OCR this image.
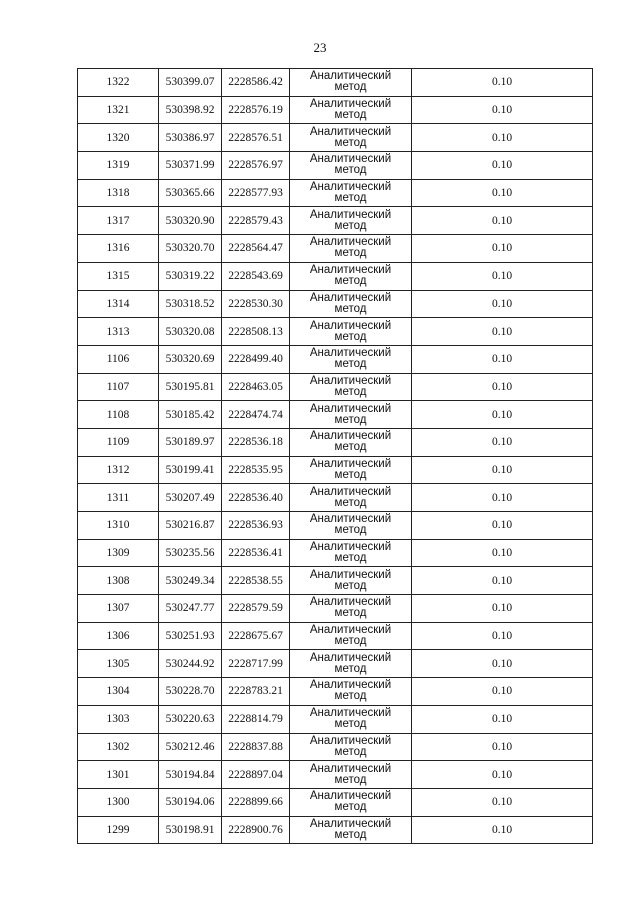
23
1322	530399.07	2228586.42	Аналитический
метод	0.10
1321	530398.92	2228576.19	Аналитический
метод	0.10
1320	530386.97	2228576.51	Аналитический
метод	0.10
1319	530371.99	2228576.97	Аналитический
метод	0.10
1318	530365.66	2228577.93	Аналитический
метод	0.10
1317	530320.90	2228579.43	Аналитический
метод	0.10
1316	530320.70	2228564.47	Аналитический
метод	0.10
1315	530319.22	2228543.69	Аналитический
метод	0.10
1314	530318.52	2228530.30	Аналитический
метод	0.10
1313	530320.08	2228508.13	Аналитический
метод	0.10
1106	530320.69	2228499.40	Аналитический
метод	0.10
1107	530195.81	2228463.05	Аналитический
метод	0.10
1108	530185.42	2228474.74	Аналитический
метод	0.10
1109	530189.97	2228536.18	Аналитический
метод	0.10
1312	530199.41	2228535.95	Аналитический
метод	0.10
1311	530207.49	2228536.40	Аналитический
метод	0.10
1310	530216.87	2228536.93	Аналитический
метод	0.10
1309	530235.56	2228536.41	Аналитический
метод	0.10
1308	530249.34	2228538.55	Аналитический
метод	0.10
1307	530247.77	2228579.59	Аналитический
метод	0.10
1306	530251.93	2228675.67	Аналитический
метод	0.10
1305	530244.92	2228717.99	Аналитический
метод	0.10
1304	530228.70	2228783.21	Аналитический
метод	0.10
1303	530220.63	2228814.79	Аналитический
метод	0.10
1302	530212.46	2228837.88	Аналитический
метод	0.10
1301	530194.84	2228897.04	Аналитический
метод	0.10
1300	530194.06	2228899.66	Аналитический
метод	0.10
1299	530198.91	2228900.76	Аналитический
метод	0.10
